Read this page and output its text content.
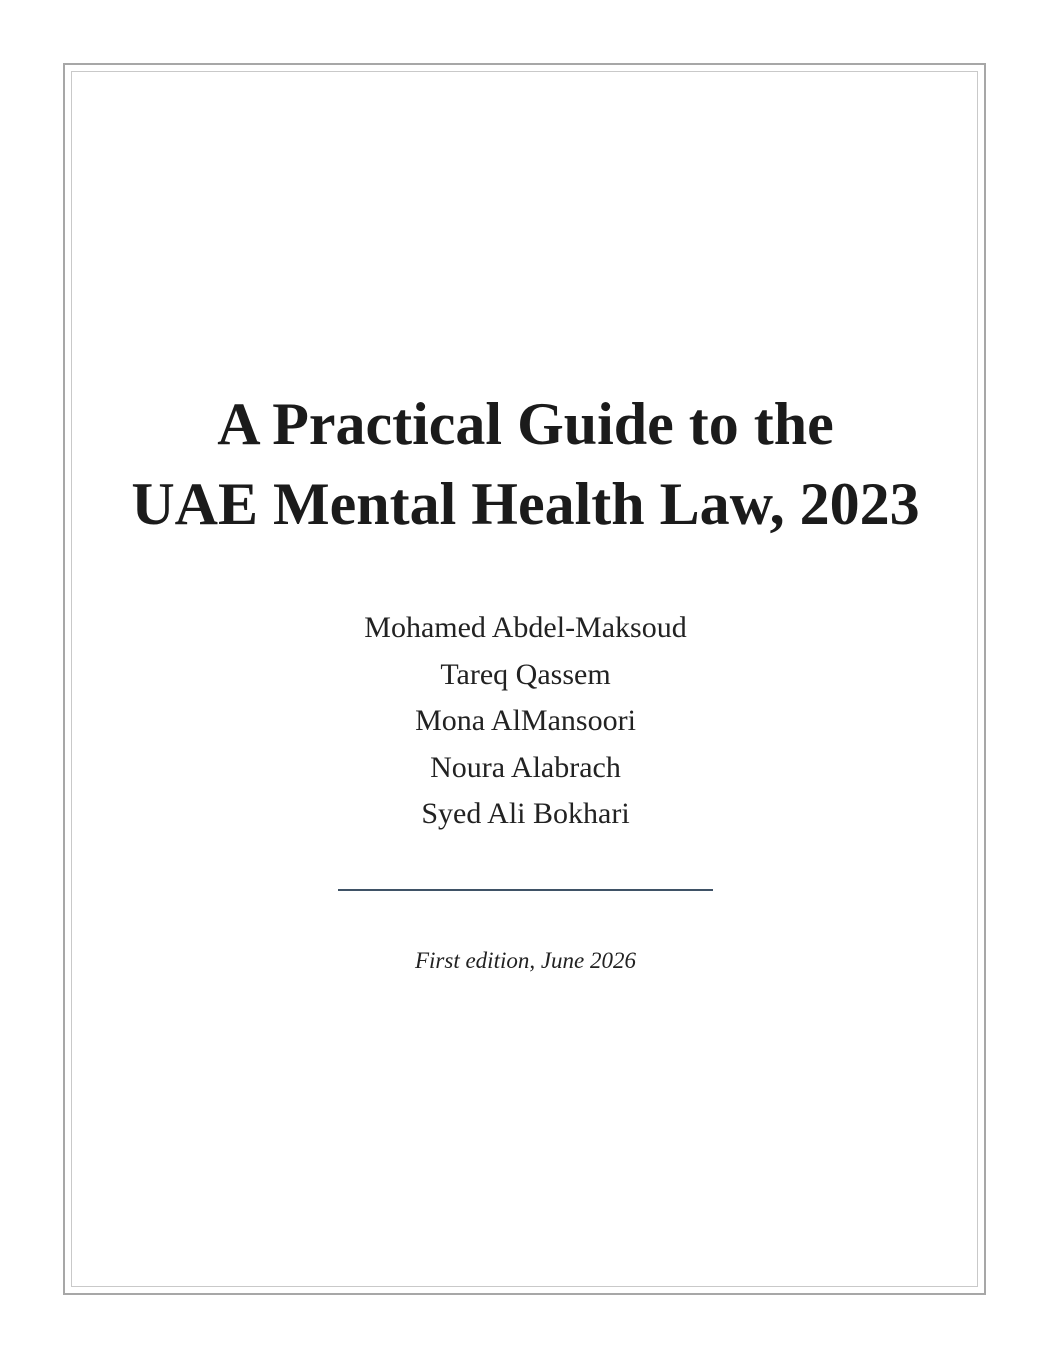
A Practical Guide to the
UAE Mental Health Law, 2023
Mohamed Abdel-Maksoud
Tareq Qassem
Mona AlMansoori
Noura Alabrach
Syed Ali Bokhari
First edition, June 2026
